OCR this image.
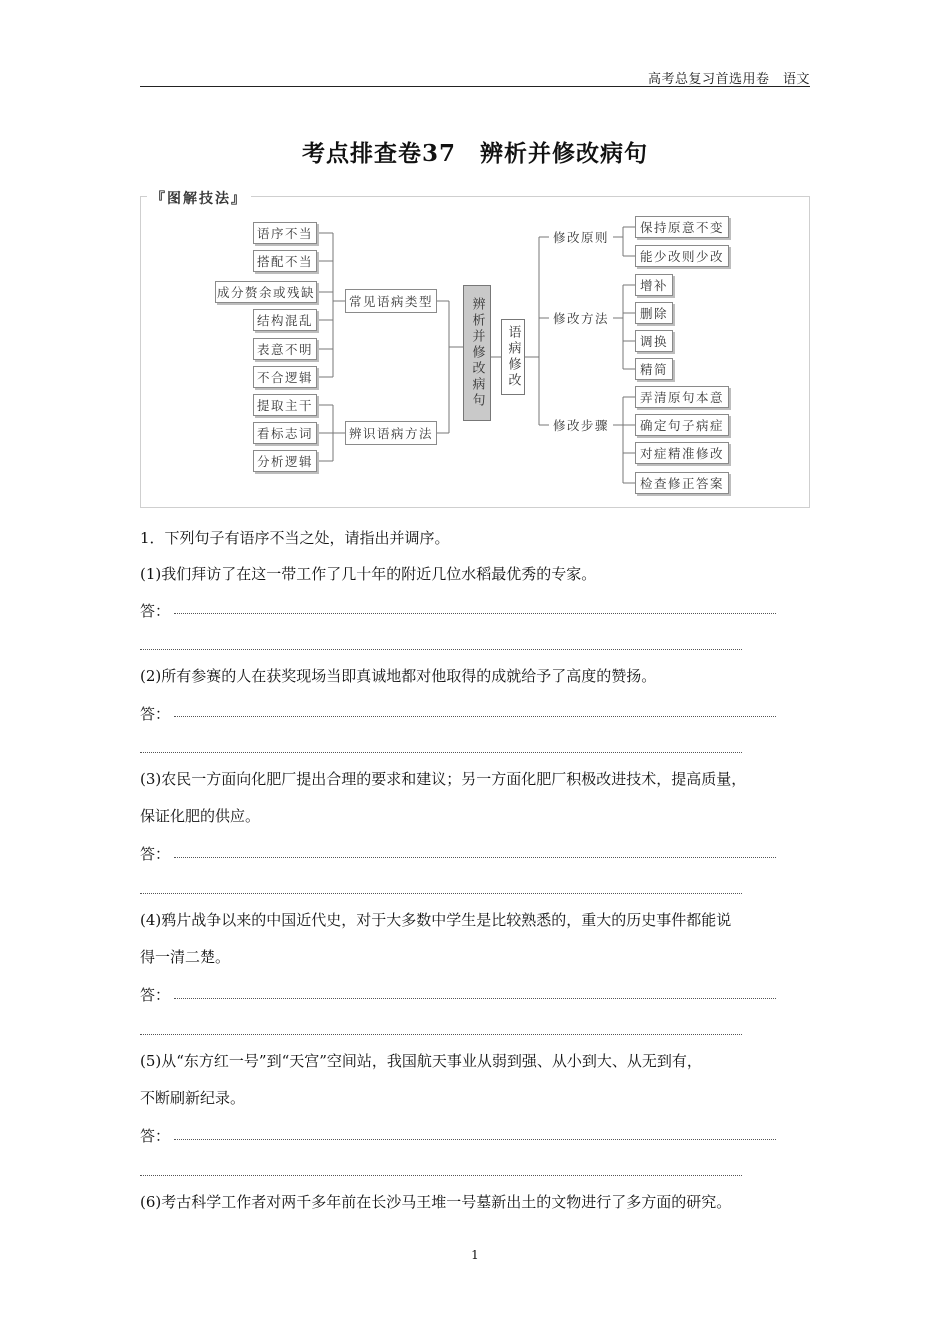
高考总复习首选用卷　语文
考点排查卷37　辨析并修改病句
『图解技法』
语序不当
搭配不当
成分赘余或残缺
结构混乱
表意不明
不合逻辑
提取主干
看标志词
分析逻辑
常见语病类型
辨识语病方法
辨析并修改病句	语病修改
修改原则
修改方法
修改步骤
保持原意不变
能少改则少改
增补
删除
调换
精简
弄清原句本意
确定句子病症
对症精准修改
检查修正答案
1．下列句子有语序不当之处，请指出并调序。
(1)我们拜访了在这一带工作了几十年的附近几位水稻最优秀的专家。
答：
(2)所有参赛的人在获奖现场当即真诚地都对他取得的成就给予了高度的赞扬。
答：
(3)农民一方面向化肥厂提出合理的要求和建议；另一方面化肥厂积极改进技术，提高质量，
保证化肥的供应。
答：
(4)鸦片战争以来的中国近代史，对于大多数中学生是比较熟悉的，重大的历史事件都能说
得一清二楚。
答：
(5)从“东方红一号”到“天宫”空间站，我国航天事业从弱到强、从小到大、从无到有，
不断刷新纪录。
答：
(6)考古科学工作者对两千多年前在长沙马王堆一号墓新出土的文物进行了多方面的研究。
1
